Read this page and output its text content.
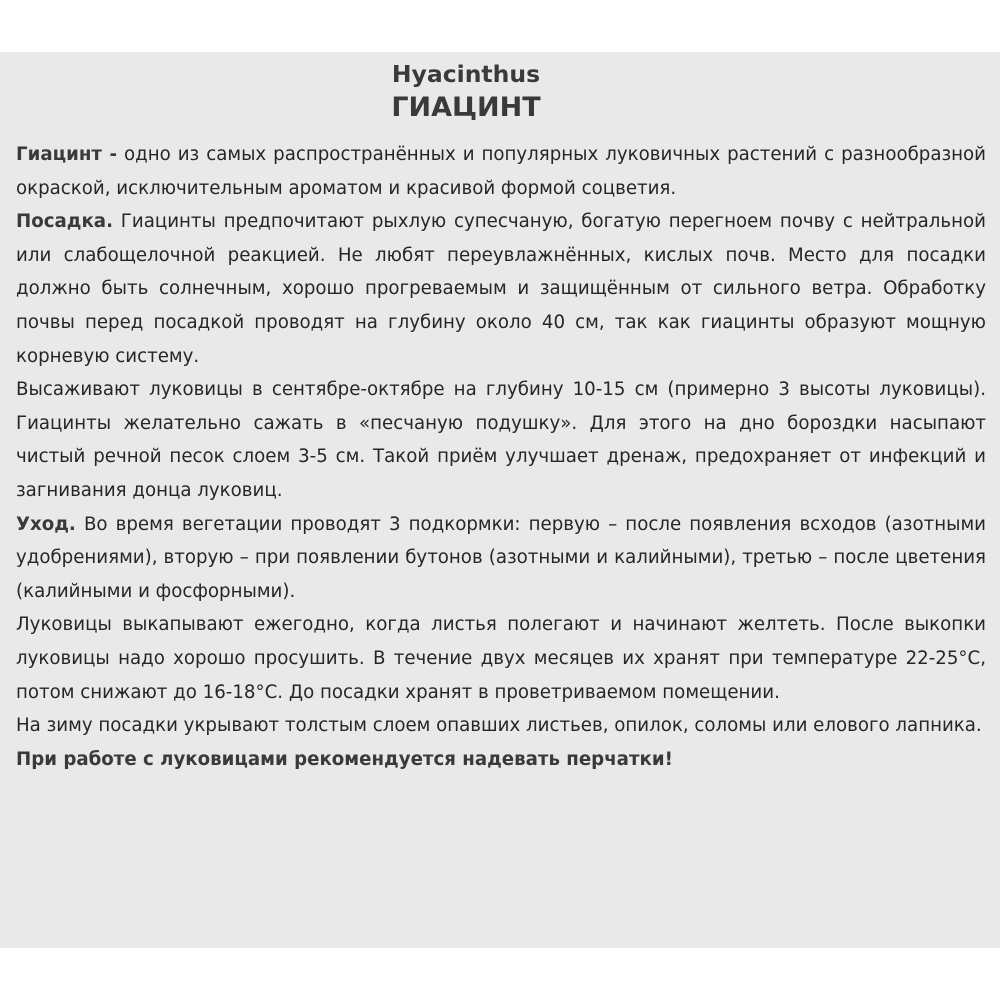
Hyacinthus
ГИАЦИНТ

Гиацинт - одно из самых распространённых и популярных луковичных растений с разнообразной окраской, исключительным ароматом и красивой формой соцветия.

Посадка. Гиацинты предпочитают рыхлую супесчаную, богатую перегноем почву с нейтральной или слабощелочной реакцией. Не любят переувлажнённых, кислых почв. Место для посадки должно быть солнечным, хорошо прогреваемым и защищённым от сильного ветра. Обработку почвы перед посадкой проводят на глубину около 40 см, так как гиацинты образуют мощную корневую систему.

Высаживают луковицы в сентябре-октябре на глубину 10-15 см (примерно 3 высоты луковицы). Гиацинты желательно сажать в «песчаную подушку». Для этого на дно бороздки насыпают чистый речной песок слоем 3-5 см. Такой приём улучшает дренаж, предохраняет от инфекций и загнивания донца луковиц.

Уход. Во время вегетации проводят 3 подкормки: первую – после появления всходов (азотными удобрениями), вторую – при появлении бутонов (азотными и калийными), третью – после цветения (калийными и фосфорными).

Луковицы выкапывают ежегодно, когда листья полегают и начинают желтеть. После выкопки луковицы надо хорошо просушить. В течение двух месяцев их хранят при температуре 22-25°С, потом снижают до 16-18°С. До посадки хранят в проветриваемом помещении.

На зиму посадки укрывают толстым слоем опавших листьев, опилок, соломы или елового лапника.

При работе с луковицами рекомендуется надевать перчатки!
